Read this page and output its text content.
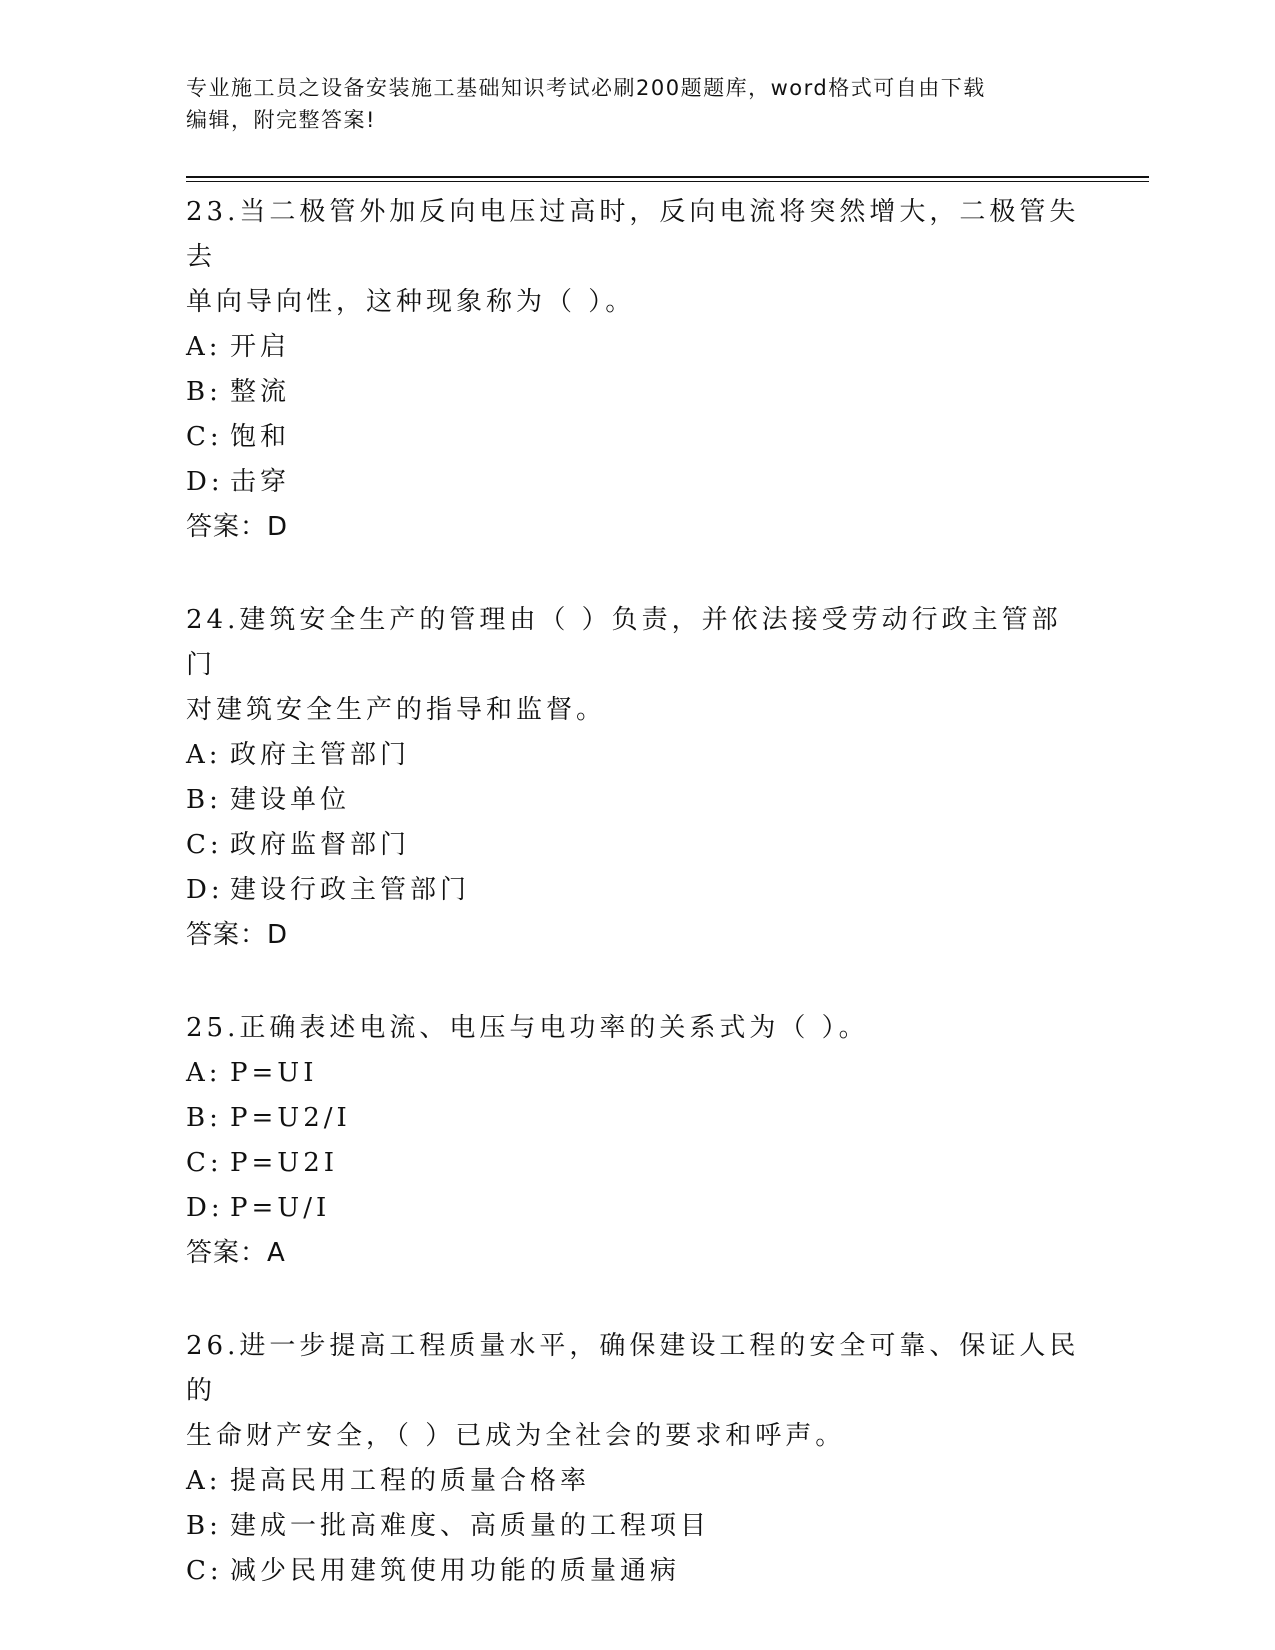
专业施工员之设备安装施工基础知识考试必刷200题题库，word格式可自由下载
编辑，附完整答案!
23.当二极管外加反向电压过高时，反向电流将突然增大，二极管失去
单向导向性，这种现象称为（ ）。
A: 开启
B: 整流
C: 饱和
D: 击穿
答案：D
24.建筑安全生产的管理由（ ）负责，并依法接受劳动行政主管部门
对建筑安全生产的指导和监督。
A: 政府主管部门
B: 建设单位
C: 政府监督部门
D: 建设行政主管部门
答案：D
25.正确表述电流、电压与电功率的关系式为（ ）。
A: P=UI
B: P=U2/I
C: P=U2I
D: P=U/I
答案：A
26.进一步提高工程质量水平，确保建设工程的安全可靠、保证人民的
生命财产安全，（ ）已成为全社会的要求和呼声。
A: 提高民用工程的质量合格率
B: 建成一批高难度、高质量的工程项目
C: 减少民用建筑使用功能的质量通病
